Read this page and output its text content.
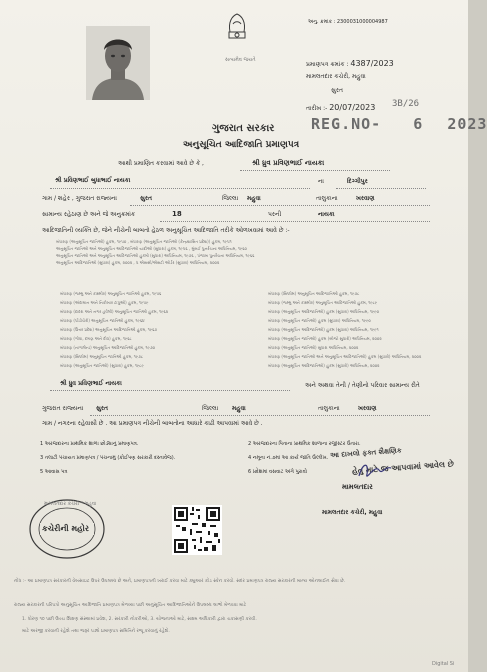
સત્યમેવ જયતે
અનુ. ક્રમાંક : 2300031000004987
પ્રમાણપત્ર ક્રમાંક : 4387/2023
મામલતદાર કચેરી, મહુવા
સુરત
તારીખ :- 20/07/2023 3B/26
REG.NO- 6 2023
ગુજરાત સરકાર
અનુસૂચિત આદિજાતિ પ્રમાણપત્ર
આથી પ્રમાણિત કરવામાં આવે છે કે ,	શ્રી ધ્રુવ પ્રવિણભાઈ નાયકા
શ્રી પ્રવિણભાઈ બુધાભાઈ નાયકા	ના	દિગ્ગીપુર
ગામ / શહેર , ગુજરાત રાજ્યના	સુરત	જિલ્લા મહુવા	તાલુકાના	ખરવાણ
સામાન્ય રહેઠાણ છે અને જે અનુક્રમાંક	18	પરની	નાયકા
આદિજાતિની વ્યક્તિ છે, જેને નીચેની બાબતો હેઠળ અનુસૂચિત આદિજાતિ તરીકે ઓળખવામાં આવે છે :-
બંધારણ (અનુસૂચિત જાતિઓ) હુકમ, ૧૯૫૦ , બંધારણ (અનુસૂચિત જાતિઓ (કેન્દ્રશાસિત પ્રદેશ)) હુકમ, ૧૯૫૧
અનુસૂચિત જાતિઓ અને અનુસૂચિત આદિજાતિઓ યાદીઓ (સુધારા) હુકમ, ૧૯૫૬ , મુંબઈ પુનર્રચના અધિનિયમ, ૧૯૬૦
અનુસૂચિત જાતિઓ અને અનુસૂચિત આદિજાતિઓ હુકમો (સુધારા) અધિનિયમ, ૧૯૭૬ , પંજાબ પુનર્રચના અધિનિયમ, ૧૯૬૬
અનુસૂચિત આદિજાતિઓ (સુધારા) હુકમ, ૨૦૦૨ , ધ એસસી/એસટી ઓર્ડર (સુધારા) અધિનિયમ, ૨૦૦૨
બંધારણ (જમ્મુ અને કાશ્મીર) અનુસૂચિત જાતિઓ હુકમ, ૧૯૫૬
બંધારણ (અંદામાન અને નિકોબાર ટાપુઓ) હુકમ, ૧૯૫૯
બંધારણ (દાદરા અને નગર હવેલી) અનુસૂચિત જાતિઓ હુકમ, ૧૯૬૨
બંધારણ (પોંડીચેરી) અનુસૂચિત જાતિઓ હુકમ, ૧૯૬૪
બંધારણ (ઉત્તર પ્રદેશ) અનુસૂચિત આદિજાતિઓ હુકમ, ૧૯૬૭
બંધારણ (ગોવા, દમણ અને દીવ) હુકમ, ૧૯૬૮
બંધારણ (નાગાલેન્ડ) અનુસૂચિત આદિજાતિઓ હુકમ, ૧૯૭૦
બંધારણ (સિક્કીમ) અનુસૂચિત જાતિઓ હુકમ, ૧૯૭૮
બંધારણ (અનુસૂચિત જાતિઓ) (સુધારા) હુકમ, ૧૯૮૯
બંધારણ (સિક્કીમ) અનુસૂચિત આદિજાતિઓ હુકમ, ૧૯૭૮
બંધારણ (જમ્મુ અને કાશ્મીર) અનુસૂચિત આદિજાતિઓ હુકમ, ૧૯૮૯
બંધારણ (અનુસૂચિત આદિજાતિઓ) હુકમ (સુધારા) અધિનિયમ, ૧૯૯૦
બંધારણ (અનુસૂચિત જાતિઓ) હુકમ (સુધારા) અધિનિયમ, ૧૯૯૦
બંધારણ (અનુસૂચિત આદિજાતિઓ) હુકમ (સુધારા) અધિનિયમ, ૧૯૯૧
બંધારણ (અનુસૂચિત જાતિઓ) હુકમ (બીજો સુધારો) અધિનિયમ, ૨૦૦૨
બંધારણ (અનુસૂચિત જાતિઓ) સુધારા અધિનિયમ, ૨૦૦૨
બંધારણ (અનુસૂચિત જાતિઓ અને અનુસૂચિત આદિજાતિઓ) હુકમ (સુધારો) અધિનિયમ, ૨૦૦૨
બંધારણ (અનુસૂચિત આદિજાતિઓ) હુકમ (સુધારો) અધિનિયમ, ૨૦૦૨
શ્રી ધ્રુવ પ્રવિણભાઈ નાયકા	અને અથવા તેની / તેણીનો પરિવાર સામાન્ય રીતે
ગુજરાત રાજ્યના સુરત	જિલ્લા મહુવા	તાલુકાના	ખરવાણ
ગામ / નગરના રહેવાસી છે . આ પ્રમાણપત્ર નીચેની બાબતોના આધારે કાઢી આપવામાં આવે છે .
1 અરજદારના પ્રાથમિક શાળા છોડ્યાનું પ્રમાણપત્ર.	2 અરજદારના પિતાના પ્રાથમિક શાળાના રજીસ્ટર ઉતારા.
3 તલાટી પંચાયત પ્રમાણપત્ર / પંચનામું (કોઈપણ સરકારી દસ્તાવેજ).	4 નમૂના નં.૭માં આ કાર્ય જાતિ ઉલ્લેખ.
5 આવાસ પત્ર	6 પ્રદેશમાં વસવાટ અંગે પુરાવો
આ દાખલો ફક્ત શૈક્ષણિક
હેતુ માટે જ આપવામાં આવેલ છે
મામલતદાર
મામલતદાર કચેરી, મહુવા
મામલતદાર કચેરી * મહુવા
કચેરીની મહોર
નોંધ :- આ પ્રમાણપત્ર સરકારની વેબસાઇટ ઉપર ઉપલબ્ધ છે અને, પ્રમાણપત્રની ખરાઈ કરવા માટે ક્યુઆર કોડ સ્કેન કરવો. સદર પ્રમાણપત્ર રાજ્ય સરકારની માન્ય ઓનલાઈન સેવા છે.
રાજ્ય સરકારની પરિપત્રો અનુસૂચિત આદિજાતિ પ્રમાણપત્ર મેળવ્યા પછી અનુસૂચિત આદિજાતિઓને ઉપલબ્ધ લાભો મેળવવા માટે
1. ધોરણ ૧૦ પછી ઉચ્ચ શિક્ષણ સંસ્થામાં પ્રવેશ, 2. સરકારી નોકરીઓ, 3. યોજનાઓ માટે, સક્ષમ અધિકારી દ્વારા ચકાસણી કરવી.
માટે અરજી કરવાની રહેશે તથા જરૂર પડ્યે પ્રમાણપત્ર સમિતિને રજૂ કરવાનું રહેશે.
Digital Si
